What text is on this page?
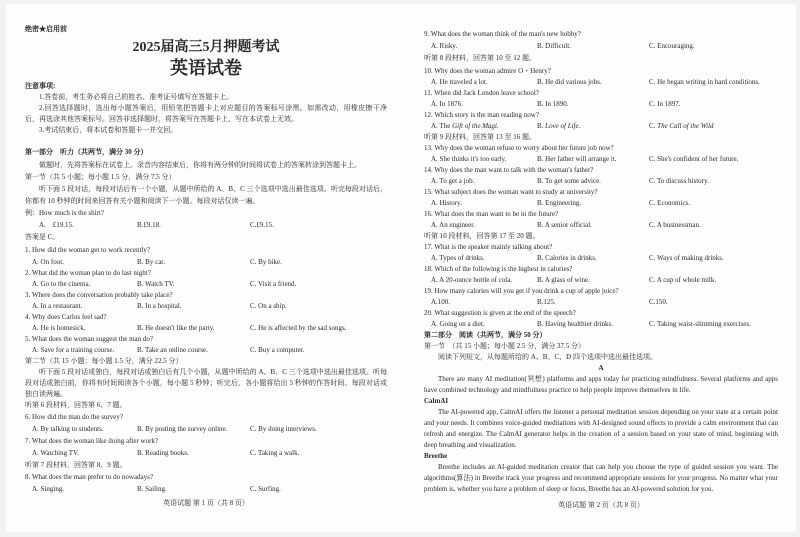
绝密★启用前
2025届高三5月押题考试
英语试卷
注意事项:
1.答卷前，考生务必将自己的姓名、准考证号填写在答题卡上。
2.回答选择题时，选出每小题答案后，用铅笔把答题卡上对应题目的答案标号涂黑。如需改动，用橡皮擦干净后，再选涂其他答案标号。回答非选择题时，将答案写在答题卡上，写在本试卷上无效。
3.考试结束后，将本试卷和答题卡一并交回。
第一部分　听力（共两节，满分 30 分）
做题时，先将答案标在试卷上。录音内容结束后，你将有两分钟的时间将试卷上的答案转涂到答题卡上。
第一节（共 5 小题；每小题 1.5 分，满分 7.5 分）
听下面 5 段对话，每段对话后有一个小题，从题中所给的 A、B、C 三个选项中选出最佳选项。听完每段对话后，你都有 10 秒钟的时间来回答有关小题和阅读下一小题。每段对话仅读一遍。
例：How much is the shirt?
A.　£19.15.	B.£9.18.	C.£9.15.
答案是 C。
1. How did the woman get to work recently?
A. On foot.	B. By car.	C. By bike.
2. What did the woman plan to do last night?
A. Go to the cinema.	B. Watch TV.	C. Visit a friend.
3. Where does the conversation probably take place?
A. In a restaurant.	B. In a hospital.	C. On a ship.
4. Why does Carlos feel sad?
A. He is homesick.	B. He doesn't like the party.	C. He is affected by the sad songs.
5. What does the woman suggest the man do?
A. Save for a training course.	B. Take an online course.	C. Buy a computer.
第二节（共 15 小题；每小题 1.5 分，满分 22.5 分）
听下面 5 段对话或独白，每段对话或独白后有几个小题，从题中所给的 A、B、C 三个选项中选出最佳选项。听每段对话或独白前，你将有时间阅读各个小题，每小题 5 秒钟；听完后，各小题将给出 5 秒钟的作答时间。每段对话或独白读两遍。
听第 6 段材料，回答第 6、7 题。
6. How did the man do the survey?
A. By talking to students.	B. By posting the survey online.	C. By doing interviews.
7. What does the woman like doing after work?
A. Watching TV.	B. Reading books.	C. Taking a walk.
听第 7 段材料，回答第 8、9 题。
8. What does the man prefer to do nowadays?
A. Singing.	B. Sailing.	C. Surfing.
英语试题 第 1 页（共 8 页）
9. What does the woman think of the man's new hobby?
A. Risky.	B. Difficult.	C. Encouraging.
听第 8 段材料，回答第 10 至 12 题。
10. Why does the woman admire O・Henry?
A. He traveled a lot.	B. He did various jobs.	C. He began writing in hard conditions.
11. When did Jack London leave school?
A. In 1876.	B. In 1890.	C. In 1897.
12. Which story is the man reading now?
A. The Gift of the Magi.	B. Love of Life.	C. The Call of the Wild
听第 9 段材料，回答第 13 至 16 题。
13. Why does the woman refuse to worry about her future job now?
A. She thinks it's too early.	B. Her father will arrange it.	C. She's confident of her future.
14. Why does the man want to talk with the woman's father?
A. To get a job.	B. To get some advice.	C. To discuss history.
15. What subject does the woman want to study at university?
A. History.	B. Engineering.	C. Economics.
16. What does the man want to be in the future?
A. An engineer.	B. A senior official.	C. A businessman.
听第 10 段材料，回答第 17 至 20 题。
17. What is the speaker mainly talking about?
A. Types of drinks.	B. Calories in drinks.	C. Ways of making drinks.
18. Which of the following is the highest in calories?
A. A 20-ounce bottle of cola.	B. A glass of wine.	C. A cup of whole milk.
19. How many calories will you get if you drink a cup of apple juice?
A.100.	B.125.	C.150.
20. What suggestion is given at the end of the speech?
A. Going on a diet.	B. Having healthier drinks.	C. Taking waist-slimming exercises.
第二部分　阅读（共两节，满分 50 分）
第一节　（共 15 小题；每小题 2.5 分，满分 37.5 分）
阅读下列短文，从每题所给的 A、B、C、D 四个选项中选出最佳选项。
A
There are many AI meditation(冥想) platforms and apps today for practicing mindfulness. Several platforms and apps have combined technology and mindfulness practice to help people improve themselves in life.
CalmAI
The AI-powered app, CalmAI offers the listener a personal meditation session depending on your state at a certain point and your needs. It combines voice-guided meditations with AI-designed sound effects to provide a calm environment that can refresh and energize. The CalmAI generator helps in the creation of a session based on your state of mind, beginning with deep breathing and visualization.
Breethe
Breethe includes an AI-guided meditation creator that can help you choose the type of guided session you want. The algorithms(算法) in Breethe track your progress and recommend appropriate sessions for your progress. No matter what your problem is, whether you have a problem of sleep or focus, Breethe has an AI-powered solution for you.
英语试题 第 2 页（共 8 页）
